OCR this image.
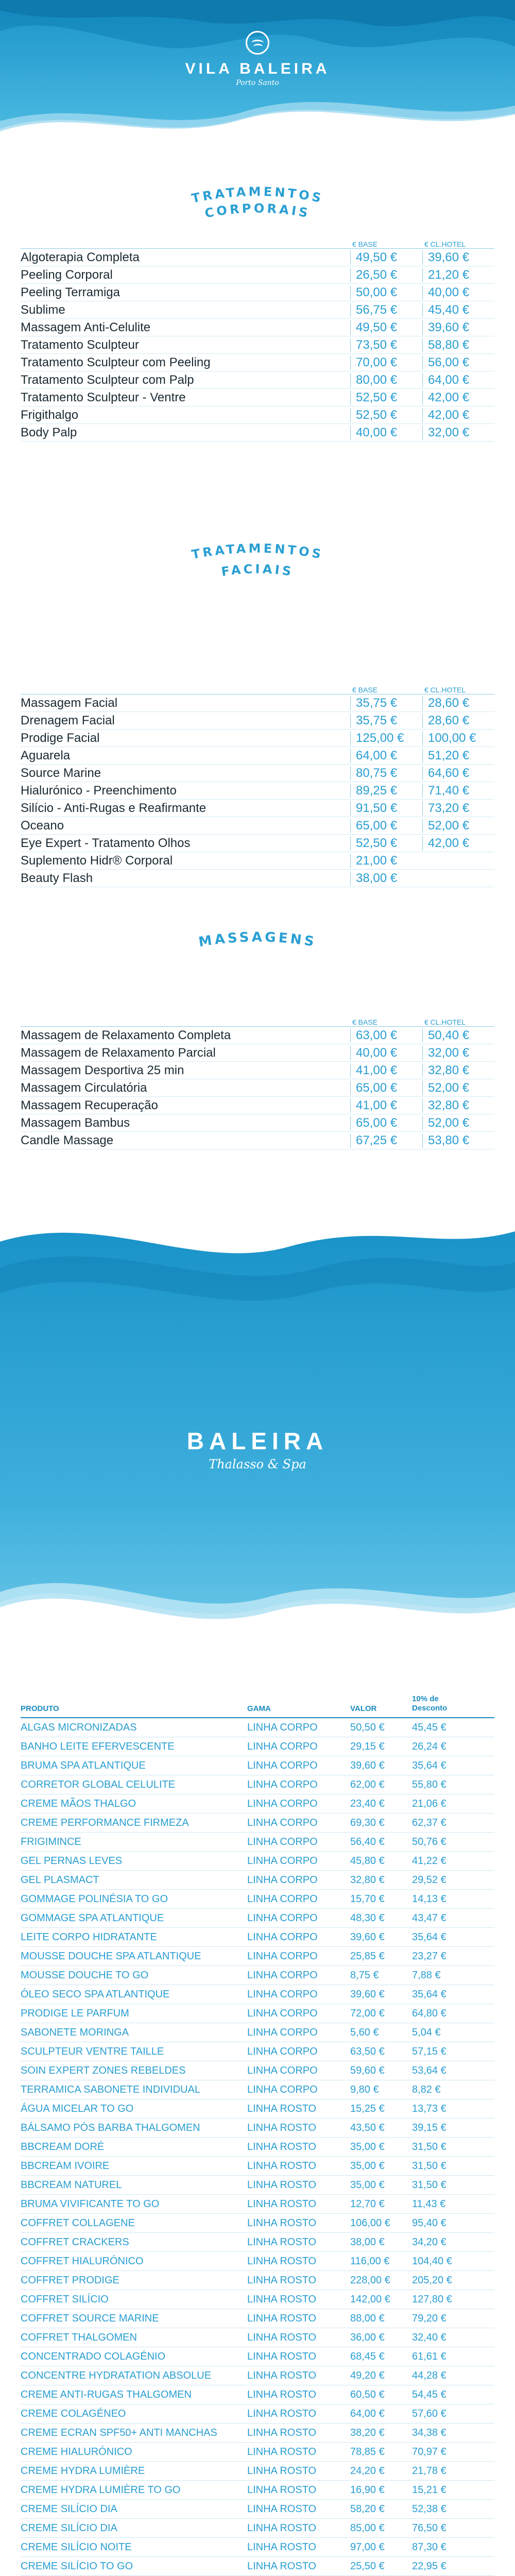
VILA BALEIRA
Porto Santo
TRATAMENTOS
CORPORAIS
€ BASE	€ CL.HOTEL
Algoterapia Completa	49,50 €	39,60 €
Peeling Corporal	26,50 €	21,20 €
Peeling Terramiga	50,00 €	40,00 €
Sublime	56,75 €	45,40 €
Massagem Anti-Celulite	49,50 €	39,60 €
Tratamento Sculpteur	73,50 €	58,80 €
Tratamento Sculpteur com Peeling	70,00 €	56,00 €
Tratamento Sculpteur com Palp	80,00 €	64,00 €
Tratamento Sculpteur - Ventre	52,50 €	42,00 €
Frigithalgo	52,50 €	42,00 €
Body Palp	40,00 €	32,00 €
TRATAMENTOS
FACIAIS
€ BASE	€ CL.HOTEL
Massagem Facial	35,75 €	28,60 €
Drenagem Facial	35,75 €	28,60 €
Prodige Facial	125,00 €	100,00 €
Aguarela	64,00 €	51,20 €
Source Marine	80,75 €	64,60 €
Hialurónico - Preenchimento	89,25 €	71,40 €
Silício - Anti-Rugas e Reafirmante	91,50 €	73,20 €
Oceano	65,00 €	52,00 €
Eye Expert - Tratamento Olhos	52,50 €	42,00 €
Suplemento Hidr® Corporal	21,00 €
Beauty Flash	38,00 €
MASSAGENS
€ BASE	€ CL.HOTEL
Massagem de Relaxamento Completa	63,00 €	50,40 €
Massagem de Relaxamento Parcial	40,00 €	32,00 €
Massagem Desportiva 25 min	41,00 €	32,80 €
Massagem Circulatória	65,00 €	52,00 €
Massagem Recuperação	41,00 €	32,80 €
Massagem Bambus	65,00 €	52,00 €
Candle Massage	67,25 €	53,80 €
BALEIRA
Thalasso & Spa
PRODUTO	GAMA	VALOR
10% de
Desconto
ALGAS MICRONIZADAS	LINHA CORPO	50,50 €	45,45 €
BANHO LEITE EFERVESCENTE	LINHA CORPO	29,15 €	26,24 €
BRUMA SPA ATLANTIQUE	LINHA CORPO	39,60 €	35,64 €
CORRETOR GLOBAL CELULITE	LINHA CORPO	62,00 €	55,80 €
CREME MÃOS THALGO	LINHA CORPO	23,40 €	21,06 €
CREME PERFORMANCE FIRMEZA	LINHA CORPO	69,30 €	62,37 €
FRIGIMINCE	LINHA CORPO	56,40 €	50,76 €
GEL PERNAS LEVES	LINHA CORPO	45,80 €	41,22 €
GEL PLASMACT	LINHA CORPO	32,80 €	29,52 €
GOMMAGE POLINÉSIA TO GO	LINHA CORPO	15,70 €	14,13 €
GOMMAGE SPA ATLANTIQUE	LINHA CORPO	48,30 €	43,47 €
LEITE CORPO HIDRATANTE	LINHA CORPO	39,60 €	35,64 €
MOUSSE DOUCHE SPA ATLANTIQUE	LINHA CORPO	25,85 €	23,27 €
MOUSSE DOUCHE TO GO	LINHA CORPO	8,75 €	7,88 €
ÓLEO SECO SPA ATLANTIQUE	LINHA CORPO	39,60 €	35,64 €
PRODIGE LE PARFUM	LINHA CORPO	72,00 €	64,80 €
SABONETE MORINGA	LINHA CORPO	5,60 €	5,04 €
SCULPTEUR VENTRE TAILLE	LINHA CORPO	63,50 €	57,15 €
SOIN EXPERT ZONES REBELDES	LINHA CORPO	59,60 €	53,64 €
TERRAMICA SABONETE INDIVIDUAL	LINHA CORPO	9,80 €	8,82 €
ÁGUA MICELAR TO GO	LINHA ROSTO	15,25 €	13,73 €
BÁLSAMO PÓS BARBA THALGOMEN	LINHA ROSTO	43,50 €	39,15 €
BBCREAM DORÉ	LINHA ROSTO	35,00 €	31,50 €
BBCREAM IVOIRE	LINHA ROSTO	35,00 €	31,50 €
BBCREAM NATUREL	LINHA ROSTO	35,00 €	31,50 €
BRUMA VIVIFICANTE TO GO	LINHA ROSTO	12,70 €	11,43 €
COFFRET COLLAGENE	LINHA ROSTO	106,00 €	95,40 €
COFFRET CRACKERS	LINHA ROSTO	38,00 €	34,20 €
COFFRET HIALURÓNICO	LINHA ROSTO	116,00 €	104,40 €
COFFRET PRODIGE	LINHA ROSTO	228,00 €	205,20 €
COFFRET SILÍCIO	LINHA ROSTO	142,00 €	127,80 €
COFFRET SOURCE MARINE	LINHA ROSTO	88,00 €	79,20 €
COFFRET THALGOMEN	LINHA ROSTO	36,00 €	32,40 €
CONCENTRADO COLAGÉNIO	LINHA ROSTO	68,45 €	61,61 €
CONCENTRE HYDRATATION ABSOLUE	LINHA ROSTO	49,20 €	44,28 €
CREME ANTI-RUGAS THALGOMEN	LINHA ROSTO	60,50 €	54,45 €
CREME COLAGÉNEO	LINHA ROSTO	64,00 €	57,60 €
CREME ECRAN SPF50+ ANTI MANCHAS	LINHA ROSTO	38,20 €	34,38 €
CREME HIALURÓNICO	LINHA ROSTO	78,85 €	70,97 €
CREME HYDRA LUMIÈRE	LINHA ROSTO	24,20 €	21,78 €
CREME HYDRA LUMIÈRE TO GO	LINHA ROSTO	16,90 €	15,21 €
CREME SILÍCIO DIA	LINHA ROSTO	58,20 €	52,38 €
CREME SILÍCIO DIA	LINHA ROSTO	85,00 €	76,50 €
CREME SILÍCIO NOITE	LINHA ROSTO	97,00 €	87,30 €
CREME SILÍCIO TO GO	LINHA ROSTO	25,50 €	22,95 €
